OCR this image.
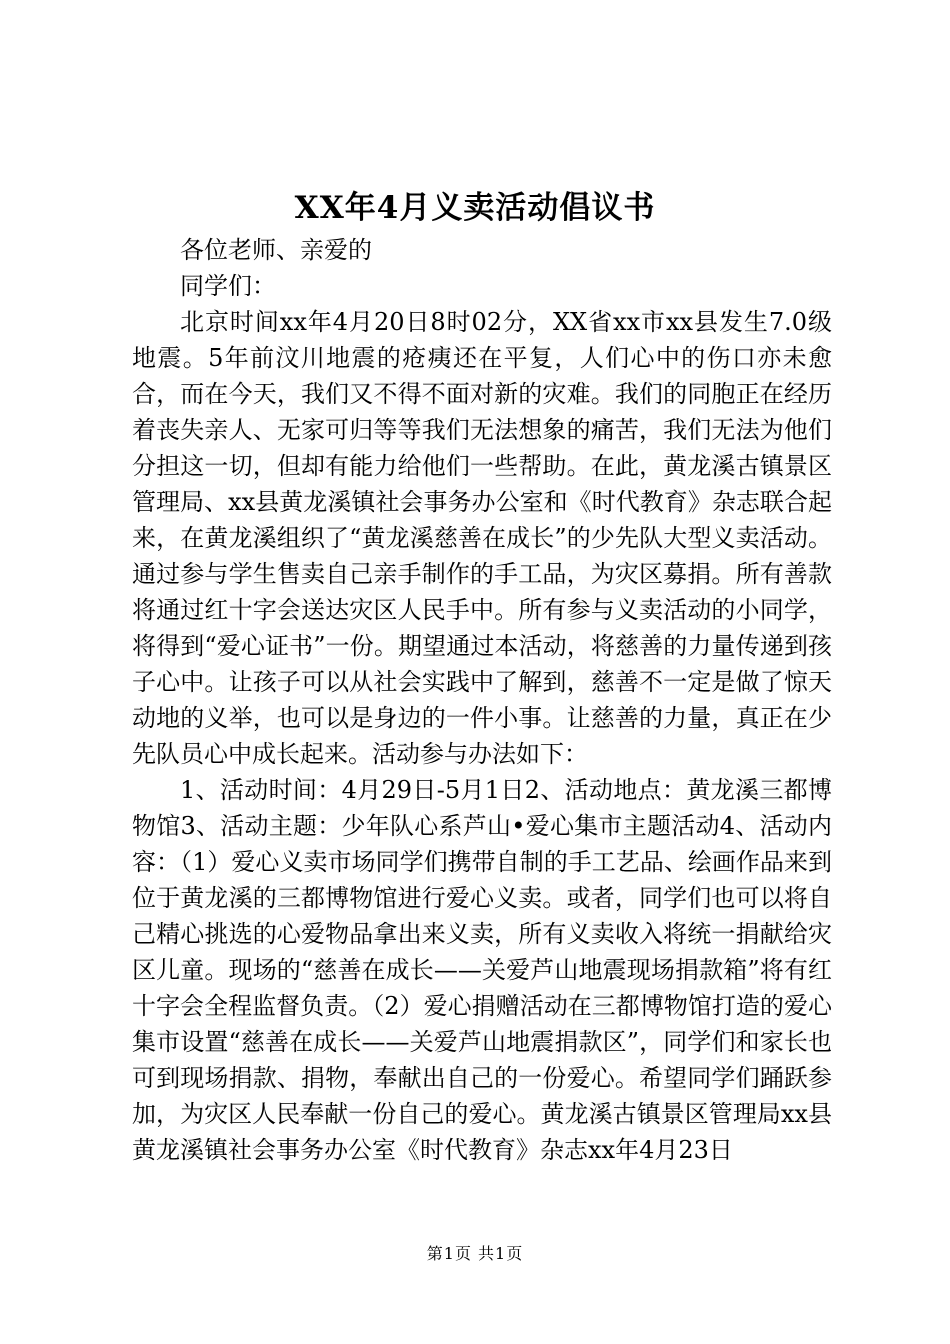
XX年4月义卖活动倡议书

各位老师、亲爱的

同学们：

北京时间xx年4月20日8时02分，XX省xx市xx县发生7.0级地震。5年前汶川地震的疮痍还在平复，人们心中的伤口亦未愈合，而在今天，我们又不得不面对新的灾难。我们的同胞正在经历着丧失亲人、无家可归等等我们无法想象的痛苦，我们无法为他们分担这一切，但却有能力给他们一些帮助。在此，黄龙溪古镇景区管理局、xx县黄龙溪镇社会事务办公室和《时代教育》杂志联合起来，在黄龙溪组织了“黄龙溪慈善在成长”的少先队大型义卖活动。通过参与学生售卖自己亲手制作的手工品，为灾区募捐。所有善款将通过红十字会送达灾区人民手中。所有参与义卖活动的小同学，将得到“爱心证书”一份。期望通过本活动，将慈善的力量传递到孩子心中。让孩子可以从社会实践中了解到，慈善不一定是做了惊天动地的义举，也可以是身边的一件小事。让慈善的力量，真正在少先队员心中成长起来。活动参与办法如下：

1、活动时间：4月29日-5月1日2、活动地点：黄龙溪三都博物馆3、活动主题：少年队心系芦山•爱心集市主题活动4、活动内容：（1）爱心义卖市场同学们携带自制的手工艺品、绘画作品来到位于黄龙溪的三都博物馆进行爱心义卖。或者，同学们也可以将自己精心挑选的心爱物品拿出来义卖，所有义卖收入将统一捐献给灾区儿童。现场的“慈善在成长——关爱芦山地震现场捐款箱”将有红十字会全程监督负责。（2）爱心捐赠活动在三都博物馆打造的爱心集市设置“慈善在成长——关爱芦山地震捐款区”，同学们和家长也可到现场捐款、捐物，奉献出自己的一份爱心。希望同学们踊跃参加，为灾区人民奉献一份自己的爱心。黄龙溪古镇景区管理局xx县黄龙溪镇社会事务办公室《时代教育》杂志xx年4月23日

第1页 共1页
